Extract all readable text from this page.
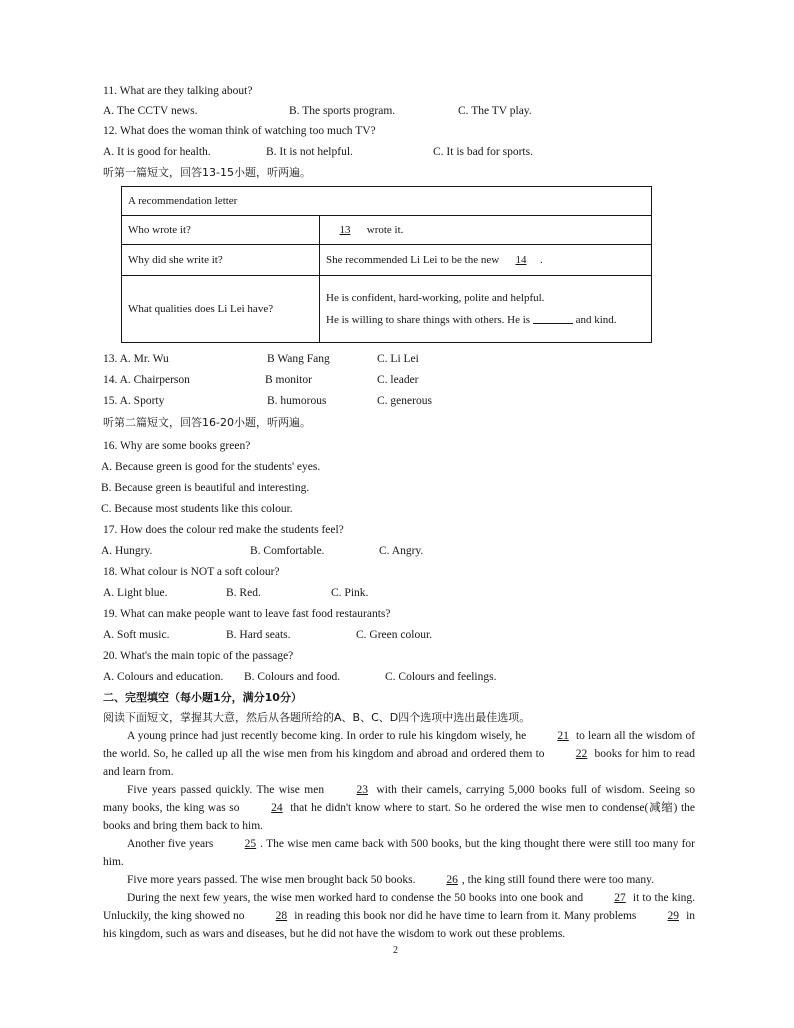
11. What are they talking about?
A. The CCTV news.	B. The sports program.	C. The TV play.
12. What does the woman think of watching too much TV?
A. It is good for health.	B. It is not helpful.	C. It is bad for sports.
听第一篇短文，回答13-15小题，听两遍。
A recommendation letter	
Who wrote it?	13 wrote it.
Why did she write it?	She recommended Li Lei to be the new 14 .
What qualities does Li Lei have?	He is confident, hard-working, polite and helpful.
He is willing to share things with others. He is and kind.
13. A. Mr. Wu	B Wang Fang	C. Li Lei
14. A. Chairperson	B monitor	C. leader
15. A. Sporty	B. humorous	C. generous
听第二篇短文，回答16-20小题，听两遍。
16. Why are some books green?
A. Because green is good for the students' eyes.
B. Because green is beautiful and interesting.
C. Because most students like this colour.
17. How does the colour red make the students feel?
A. Hungry.	B. Comfortable.	C. Angry.
18. What colour is NOT a soft colour?
A. Light blue.	B. Red.	C. Pink.
19. What can make people want to leave fast food restaurants?
A. Soft music.	B. Hard seats.	C. Green colour.
20. What's the main topic of the passage?
A. Colours and education. B. Colours and food.	C. Colours and feelings.
二、完型填空（每小题1分，满分10分）
阅读下面短文，掌握其大意，然后从各题所给的A、B、C、D四个选项中选出最佳选项。

A young prince had just recently become king. In order to rule his kingdom wisely, he	21 to learn all the wisdom of the world. So, he called up all the wise men from his kingdom and abroad and ordered them to	22 books for him to read and learn from.

Five years passed quickly. The wise men	23 with their camels, carrying 5,000 books full of wisdom. Seeing so many books, the king was so	24 that he didn't know where to start. So he ordered the wise men to condense(减缩) the books and bring them back to him.

Another five years	25 . The wise men came back with 500 books, but the king thought there were still too many for him.

Five more years passed. The wise men brought back 50 books.	26 , the king still found there were too many.

During the next few years, the wise men worked hard to condense the 50 books into one book and	27 it to the king. Unluckily, the king showed no	28 in reading this book nor did he have time to learn from it. Many problems	29 in his kingdom, such as wars and diseases, but he did not have the wisdom to work out these problems.

2
